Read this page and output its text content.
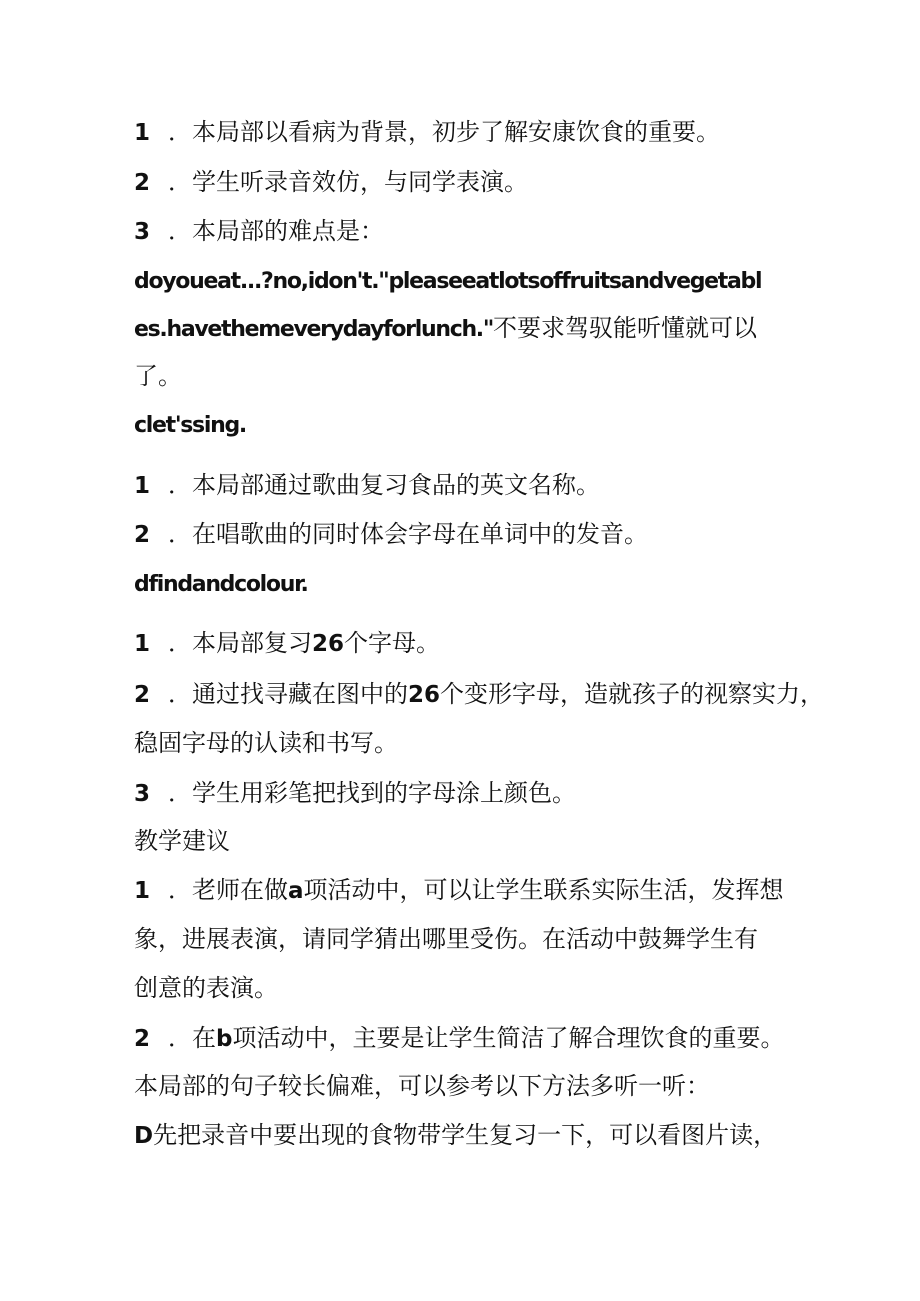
1 ．本局部以看病为背景，初步了解安康饮食的重要。
2 ．学生听录音效仿，与同学表演。
3 ．本局部的难点是：
doyoueat...?no,idon't."pleaseeatlotsoffruitsandvegetabl
es.havethemeverydayforlunch."不要求驾驭能听懂就可以
了。
clet'ssing.
1 ．本局部通过歌曲复习食品的英文名称。
2 ．在唱歌曲的同时体会字母在单词中的发音。
dfindandcolour.
1 ．本局部复习26个字母。
2 ．通过找寻藏在图中的26个变形字母，造就孩子的视察实力，
稳固字母的认读和书写。
3 ．学生用彩笔把找到的字母涂上颜色。
教学建议
1 ．老师在做a项活动中，可以让学生联系实际生活，发挥想
象，进展表演，请同学猜出哪里受伤。在活动中鼓舞学生有
创意的表演。
2 ．在b项活动中，主要是让学生简洁了解合理饮食的重要。
本局部的句子较长偏难，可以参考以下方法多听一听：
D先把录音中要出现的食物带学生复习一下，可以看图片读，
